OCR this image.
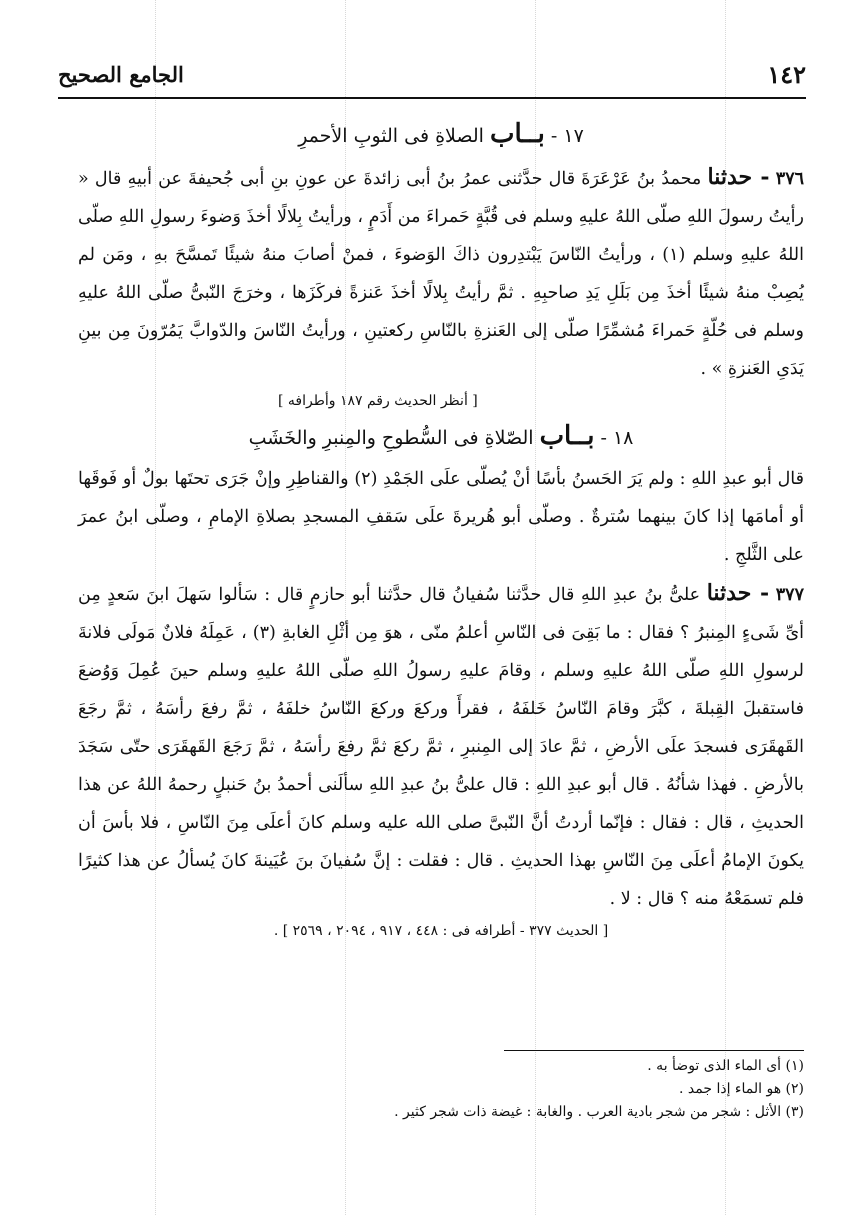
١٤٢
الجامع الصحيح

١٧ - بــاب الصلاةِ فى الثوبِ الأحمرِ

٣٧٦ - حدثنا محمدُ بنُ عَرْعَرَةَ قال حدَّثنى عمرُ بنُ أبى زائدةَ عن عونِ بنِ أبى جُحيفةَ عن أبيهِ قال « رأيتُ رسولَ اللهِ صلّى اللهُ عليهِ وسلم فى قُبَّةٍ حَمراءَ من أَدَمٍ ، ورأيتُ بِلالًا أخذَ وَضوءَ رسولِ اللهِ صلّى اللهُ عليهِ وسلم (١) ، ورأيتُ النّاسَ يَبْتدِرون ذاكَ الوَضوءَ ، فمنْ أصابَ منهُ شيئًا تَمسَّحَ بهِ ، ومَن لم يُصِبْ منهُ شيئًا أخذَ مِن بَلَلِ يَدِ صاحبِهِ . ثمَّ رأيتُ بِلالًا أخذَ عَنزةً فركَزَها ، وخرَجَ النّبىُّ صلّى اللهُ عليهِ وسلم فى حُلّةٍ حَمراءَ مُشمِّرًا صلّى إلى العَنزةِ بالنّاسِ ركعتينِ ، ورأيتُ النّاسَ والدّوابَّ يَمُرّونَ مِن بينِ يَدَىِ العَنزةِ » .

[ أنظر الحديث رقم ١٨٧ وأطرافه ]

١٨ - بــاب الصّلاةِ فى السُّطوحِ والمِنبرِ والخَشَبِ

قال أبو عبدِ اللهِ : ولم يَرَ الحَسنُ بأسًا أنْ يُصلّى علَى الجَمْدِ (٢) والقناطِرِ وإنْ جَرَى تحتَها بولٌ أو فَوقَها أو أمامَها إذا كانَ بينهما سُترةٌ . وصلّى أبو هُريرةَ علَى سَقفِ المسجدِ بصلاةِ الإمامِ ، وصلّى ابنُ عمرَ على الثَّلجِ .

٣٧٧ - حدثنا علىُّ بنُ عبدِ اللهِ قال حدَّثنا سُفيانُ قال حدَّثنا أبو حازمٍ قال : سَألوا سَهلَ ابنَ سَعدٍ مِن أىِّ شَىءٍ المِنبرُ ؟ فقال : ما بَقِىَ فى النّاسِ أعلمُ منّى ، هوَ مِن أثْلِ الغابةِ (٣) ، عَمِلَهُ فلانٌ مَولَى فلانةَ لرسولِ اللهِ صلّى اللهُ عليهِ وسلم ، وقامَ عليهِ رسولُ اللهِ صلّى اللهُ عليهِ وسلم حينَ عُمِلَ وَوُضعَ فاستقبلَ القِبلةَ ، كبَّرَ وقامَ النّاسُ خَلفَهُ ، فقرأَ وركعَ وركعَ النّاسُ خلفَهُ ، ثمَّ رفعَ رأسَهُ ، ثمَّ رجَعَ القَهقَرَى فسجدَ علَى الأرضِ ، ثمَّ عادَ إلى المِنبرِ ، ثمَّ ركعَ ثمَّ رفعَ رأسَهُ ، ثمَّ رَجَعَ القَهقَرَى حتّى سَجَدَ بالأرضِ . فهذا شأنُهُ . قال أبو عبدِ اللهِ : قال علىُّ بنُ عبدِ اللهِ سألَنى أحمدُ بنُ حَنبلٍ رحمهُ اللهُ عن هذا الحديثِ ، قال : فقال : فإنّما أردتُ أنَّ النّبىَّ صلى الله عليه وسلم كانَ أعلَى مِنَ النّاسِ ، فلا بأسَ أن يكونَ الإمامُ أعلَى مِنَ النّاسِ بهذا الحديثِ . قال : فقلت : إنَّ سُفيانَ بنَ عُيَينةَ كانَ يُسألُ عن هذا كثيرًا فلم تسمَعْهُ منه ؟ قال : لا .

[ الحديث ٣٧٧ - أطرافه فى : ٤٤٨ ، ٩١٧ ، ٢٠٩٤ ، ٢٥٦٩ ] .

(١) أى الماء الذى توضأ به .

(٢) هو الماء إذا جمد .

(٣) الأثل : شجر من شجر بادية العرب . والغابة : غيضة ذات شجر كثير .
